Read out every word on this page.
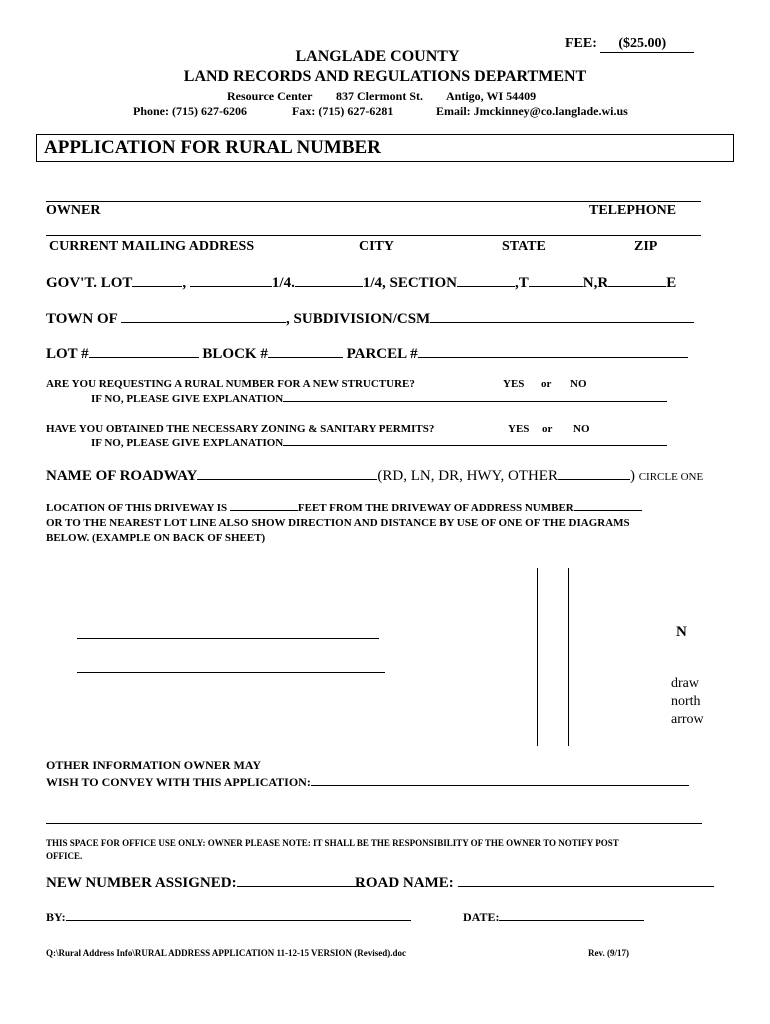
FEE: ($25.00)
LANGLADE COUNTY
LAND RECORDS AND REGULATIONS DEPARTMENT
Resource Center 837 Clermont St. Antigo, WI 54409
Phone: (715) 627-6206	Fax: (715) 627-6281	Email: Jmckinney@co.langlade.wi.us
APPLICATION FOR RURAL NUMBER
OWNER	TELEPHONE
CURRENT MAILING ADDRESS	CITY	STATE	ZIP
GOV'T. LOT	,	1/4.	1/4, SECTION	,T	N,R	E
TOWN OF	, SUBDIVISION/CSM
LOT #	BLOCK #	PARCEL #
ARE YOU REQUESTING A RURAL NUMBER FOR A NEW STRUCTURE?	YES or NO
IF NO, PLEASE GIVE EXPLANATION
HAVE YOU OBTAINED THE NECESSARY ZONING & SANITARY PERMITS?	YES or NO
IF NO, PLEASE GIVE EXPLANATION
NAME OF ROADWAY	(RD, LN, DR, HWY, OTHER	) CIRCLE ONE
LOCATION OF THIS DRIVEWAY IS	FEET FROM THE DRIVEWAY OF ADDRESS NUMBER
OR TO THE NEAREST LOT LINE ALSO SHOW DIRECTION AND DISTANCE BY USE OF ONE OF THE DIAGRAMS
BELOW. (EXAMPLE ON BACK OF SHEET)
N
draw
north
arrow
OTHER INFORMATION OWNER MAY
WISH TO CONVEY WITH THIS APPLICATION:
THIS SPACE FOR OFFICE USE ONLY: OWNER PLEASE NOTE: IT SHALL BE THE RESPONSIBILITY OF THE OWNER TO NOTIFY POST
OFFICE.
NEW NUMBER ASSIGNED:	ROAD NAME:
BY:	DATE:
Q:\Rural Address Info\RURAL ADDRESS APPLICATION 11-12-15 VERSION (Revised).doc	Rev. (9/17)
